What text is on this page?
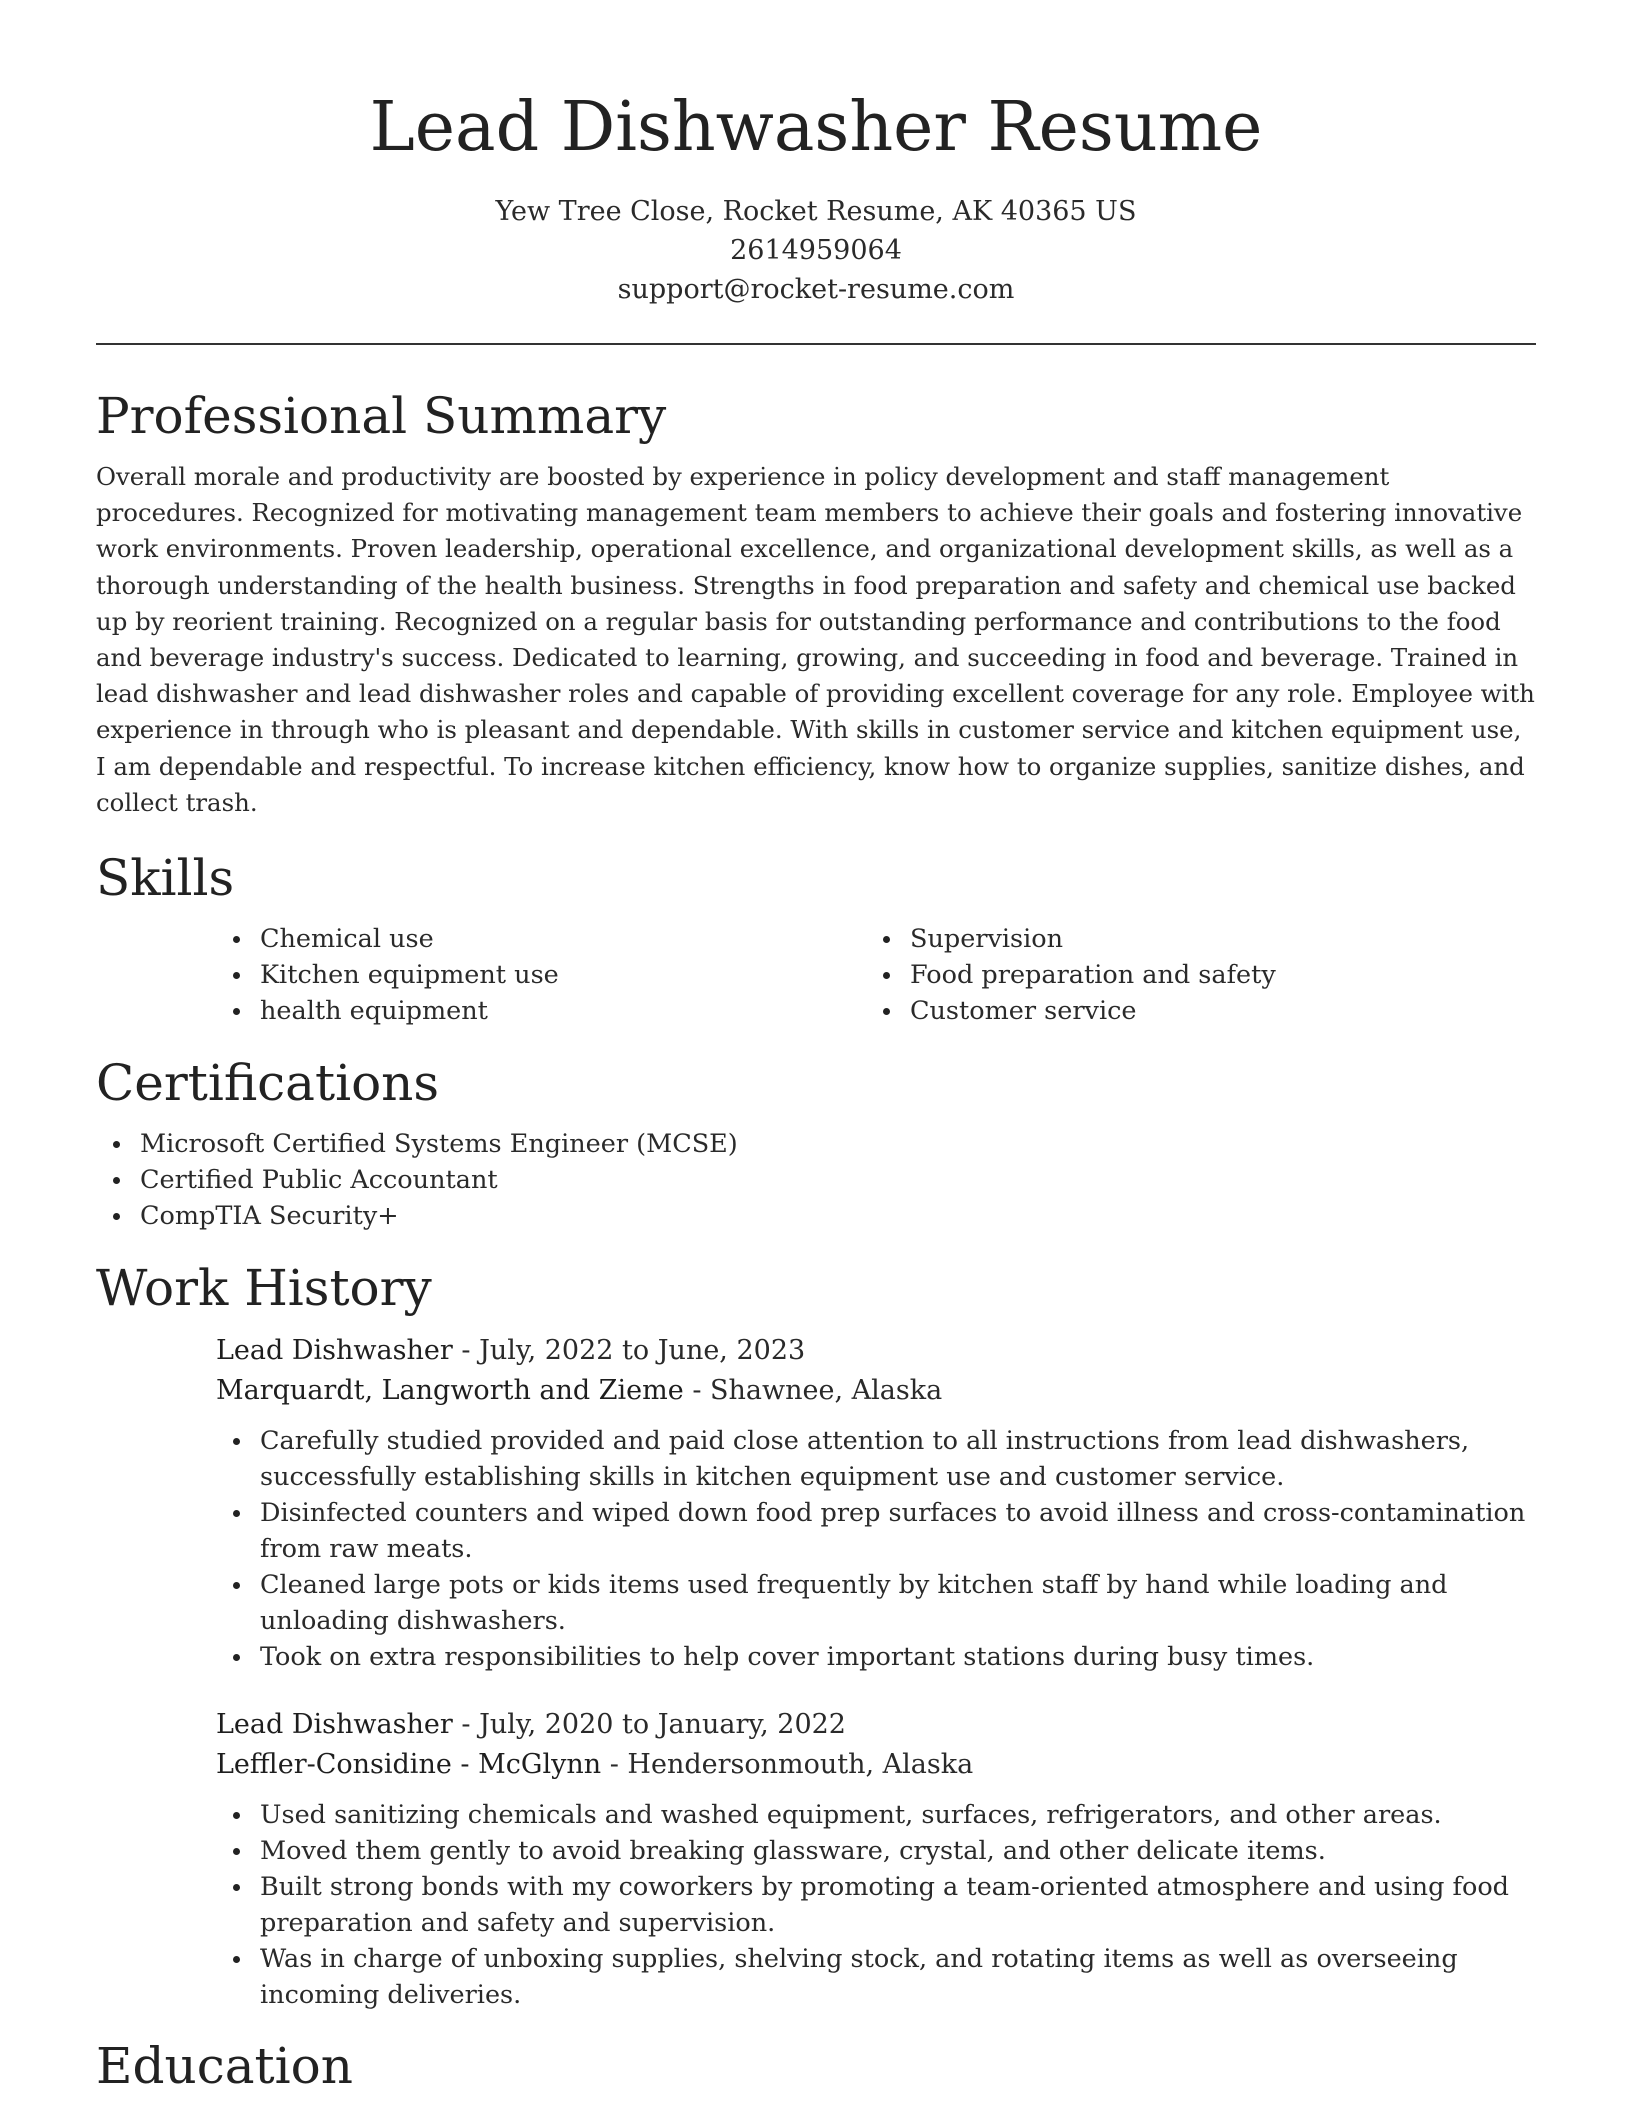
Lead Dishwasher Resume
Yew Tree Close, Rocket Resume, AK 40365 US
2614959064
support@rocket-resume.com
Professional Summary

Overall morale and productivity are boosted by experience in policy development and staff management procedures. Recognized for motivating management team members to achieve their goals and fostering innovative work environments. Proven leadership, operational excellence, and organizational development skills, as well as a thorough understanding of the health business. Strengths in food preparation and safety and chemical use backed up by reorient training. Recognized on a regular basis for outstanding performance and contributions to the food and beverage industry's success. Dedicated to learning, growing, and succeeding in food and beverage. Trained in lead dishwasher and lead dishwasher roles and capable of providing excellent coverage for any role. Employee with experience in through who is pleasant and dependable. With skills in customer service and kitchen equipment use, I am dependable and respectful. To increase kitchen efficiency, know how to organize supplies, sanitize dishes, and collect trash.

Skills
Chemical use
Kitchen equipment use
health equipment
Supervision
Food preparation and safety
Customer service
Certifications
Microsoft Certified Systems Engineer (MCSE)
Certified Public Accountant
CompTIA Security+
Work History
Lead Dishwasher - July, 2022 to June, 2023
Marquardt, Langworth and Zieme - Shawnee, Alaska
Carefully studied provided and paid close attention to all instructions from lead dishwashers, successfully establishing skills in kitchen equipment use and customer service.
Disinfected counters and wiped down food prep surfaces to avoid illness and cross-contamination from raw meats.
Cleaned large pots or kids items used frequently by kitchen staff by hand while loading and unloading dishwashers.
Took on extra responsibilities to help cover important stations during busy times.
Lead Dishwasher - July, 2020 to January, 2022
Leffler-Considine - McGlynn - Hendersonmouth, Alaska
Used sanitizing chemicals and washed equipment, surfaces, refrigerators, and other areas.
Moved them gently to avoid breaking glassware, crystal, and other delicate items.
Built strong bonds with my coworkers by promoting a team-oriented atmosphere and using food preparation and safety and supervision.
Was in charge of unboxing supplies, shelving stock, and rotating items as well as overseeing incoming deliveries.
Education
